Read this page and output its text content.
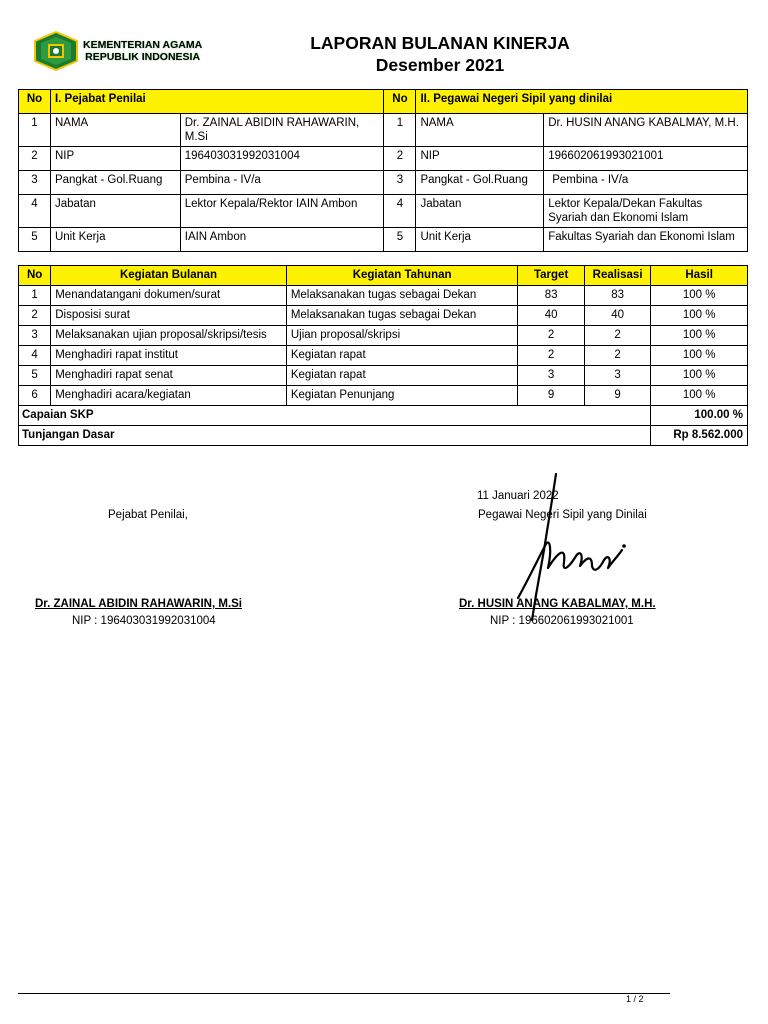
KEMENTERIAN AGAMA
REPUBLIK INDONESIA
LAPORAN BULANAN KINERJA
Desember 2021
No	I. Pejabat Penilai		No	II. Pegawai Negeri Sipil yang dinilai	
1	NAMA	Dr. ZAINAL ABIDIN RAHAWARIN, M.Si	1	NAMA	Dr. HUSIN ANANG KABALMAY, M.H.
2	NIP	196403031992031004	2	NIP	196602061993021001
3	Pangkat - Gol.Ruang	Pembina - IV/a	3	Pangkat - Gol.Ruang	Pembina - IV/a
4	Jabatan	Lektor Kepala/Rektor IAIN Ambon	4	Jabatan	Lektor Kepala/Dekan Fakultas Syariah dan Ekonomi Islam
5	Unit Kerja	IAIN Ambon	5	Unit Kerja	Fakultas Syariah dan Ekonomi Islam
No	Kegiatan Bulanan	Kegiatan Tahunan	Target	Realisasi	Hasil
1	Menandatangani dokumen/surat	Melaksanakan tugas sebagai Dekan	83	83	100 %
2	Disposisi surat	Melaksanakan tugas sebagai Dekan	40	40	100 %
3	Melaksanakan ujian proposal/skripsi/tesis	Ujian proposal/skripsi	2	2	100 %
4	Menghadiri rapat institut	Kegiatan rapat	2	2	100 %
5	Menghadiri rapat senat	Kegiatan rapat	3	3	100 %
6	Menghadiri acara/kegiatan	Kegiatan Penunjang	9	9	100 %
Capaian SKP					100.00 %
Tunjangan Dasar					Rp 8.562.000
11 Januari 2022
Pejabat Penilai,	Pegawai Negeri Sipil yang Dinilai
Dr. ZAINAL ABIDIN RAHAWARIN, M.Si	Dr. HUSIN ANANG KABALMAY, M.H.
NIP : 196403031992031004	NIP : 196602061993021001
1 / 2
